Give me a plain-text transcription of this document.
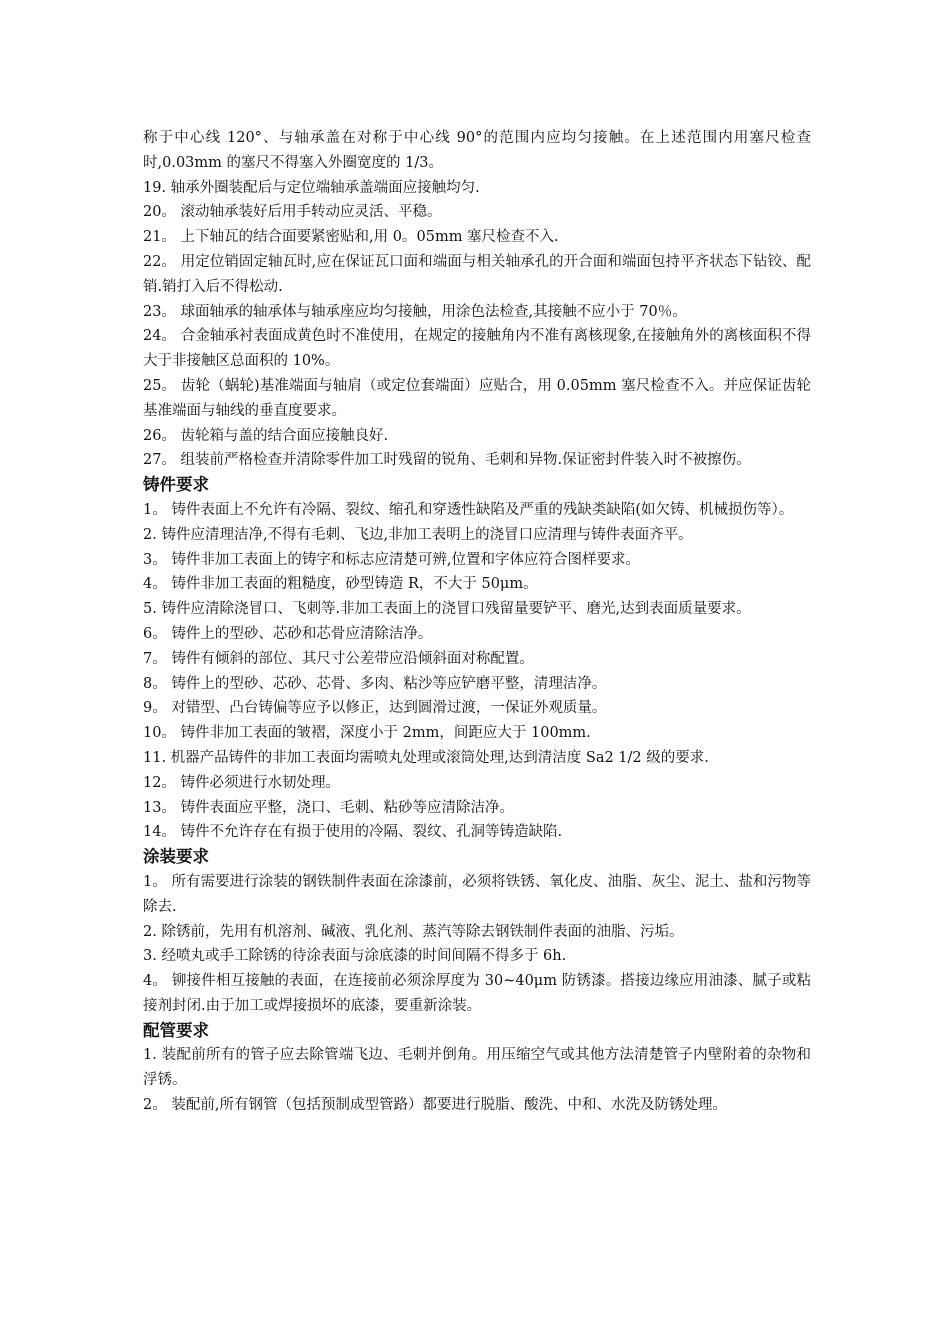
称于中心线 120°、与轴承盖在对称于中心线 90°的范围内应均匀接触。在上述范围内用塞尺检查时,0.03mm 的塞尺不得塞入外圈宽度的 1/3。

19. 轴承外圈装配后与定位端轴承盖端面应接触均匀.

20。 滚动轴承装好后用手转动应灵活、平稳。

21。 上下轴瓦的结合面要紧密贴和,用 0。05mm 塞尺检查不入.

22。 用定位销固定轴瓦时,应在保证瓦口面和端面与相关轴承孔的开合面和端面包持平齐状态下钻铰、配销.销打入后不得松动.

23。 球面轴承的轴承体与轴承座应均匀接触，用涂色法检查,其接触不应小于 70％。

24。 合金轴承衬表面成黄色时不准使用，在规定的接触角内不准有离核现象,在接触角外的离核面积不得大于非接触区总面积的 10%。

25。 齿轮（蜗轮)基准端面与轴肩（或定位套端面）应贴合，用 0.05mm 塞尺检查不入。并应保证齿轮基准端面与轴线的垂直度要求。

26。 齿轮箱与盖的结合面应接触良好.

27。 组装前严格检查并清除零件加工时残留的锐角、毛刺和异物.保证密封件装入时不被擦伤。

铸件要求

1。 铸件表面上不允许有冷隔、裂纹、缩孔和穿透性缺陷及严重的残缺类缺陷(如欠铸、机械损伤等）。

2. 铸件应清理洁净,不得有毛刺、飞边,非加工表明上的浇冒口应清理与铸件表面齐平。

3。 铸件非加工表面上的铸字和标志应清楚可辨,位置和字体应符合图样要求。

4。 铸件非加工表面的粗糙度，砂型铸造 R，不大于 50μm。

5. 铸件应清除浇冒口、飞刺等.非加工表面上的浇冒口残留量要铲平、磨光,达到表面质量要求。

6。 铸件上的型砂、芯砂和芯骨应清除洁净。

7。 铸件有倾斜的部位、其尺寸公差带应沿倾斜面对称配置。

8。 铸件上的型砂、芯砂、芯骨、多肉、粘沙等应铲磨平整，清理洁净。

9。 对错型、凸台铸偏等应予以修正，达到圆滑过渡，一保证外观质量。

10。 铸件非加工表面的皱褶，深度小于 2mm，间距应大于 100mm.

11. 机器产品铸件的非加工表面均需喷丸处理或滚筒处理,达到清洁度 Sa2 1/2 级的要求.

12。 铸件必须进行水韧处理。

13。 铸件表面应平整，浇口、毛刺、粘砂等应清除洁净。

14。 铸件不允许存在有损于使用的冷隔、裂纹、孔洞等铸造缺陷.

涂装要求

1。 所有需要进行涂装的钢铁制件表面在涂漆前，必须将铁锈、氧化皮、油脂、灰尘、泥土、盐和污物等除去.

2. 除锈前，先用有机溶剂、碱液、乳化剂、蒸汽等除去钢铁制件表面的油脂、污垢。

3. 经喷丸或手工除锈的待涂表面与涂底漆的时间间隔不得多于 6h.

4。 铆接件相互接触的表面，在连接前必须涂厚度为 30~40μm 防锈漆。搭接边缘应用油漆、腻子或粘接剂封闭.由于加工或焊接损坏的底漆，要重新涂装。

配管要求

1. 装配前所有的管子应去除管端飞边、毛刺并倒角。用压缩空气或其他方法清楚管子内壁附着的杂物和浮锈。

2。 装配前,所有钢管（包括预制成型管路）都要进行脱脂、酸洗、中和、水洗及防锈处理。
